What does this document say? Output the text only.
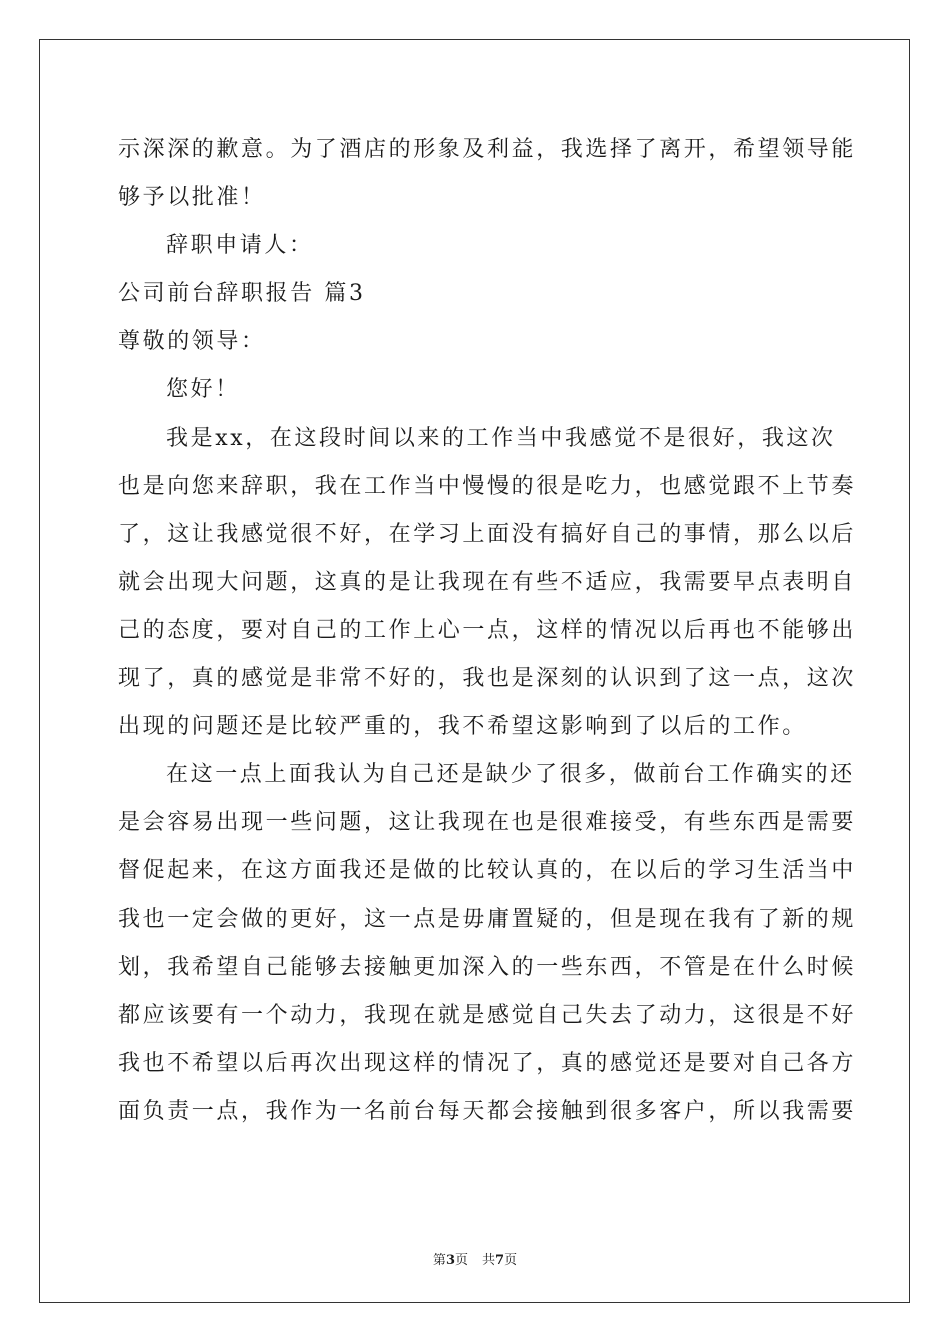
示深深的歉意。为了酒店的形象及利益，我选择了离开，希望领导能
够予以批准！
辞职申请人：
公司前台辞职报告 篇3
尊敬的领导：
您好！
我是xx，在这段时间以来的工作当中我感觉不是很好，我这次
也是向您来辞职，我在工作当中慢慢的很是吃力，也感觉跟不上节奏
了，这让我感觉很不好，在学习上面没有搞好自己的事情，那么以后
就会出现大问题，这真的是让我现在有些不适应，我需要早点表明自
己的态度，要对自己的工作上心一点，这样的情况以后再也不能够出
现了，真的感觉是非常不好的，我也是深刻的认识到了这一点，这次
出现的问题还是比较严重的，我不希望这影响到了以后的工作。
在这一点上面我认为自己还是缺少了很多，做前台工作确实的还
是会容易出现一些问题，这让我现在也是很难接受，有些东西是需要
督促起来，在这方面我还是做的比较认真的，在以后的学习生活当中
我也一定会做的更好，这一点是毋庸置疑的，但是现在我有了新的规
划，我希望自己能够去接触更加深入的一些东西，不管是在什么时候
都应该要有一个动力，我现在就是感觉自己失去了动力，这很是不好
我也不希望以后再次出现这样的情况了，真的感觉还是要对自己各方
面负责一点，我作为一名前台每天都会接触到很多客户，所以我需要
第3页 共7页
